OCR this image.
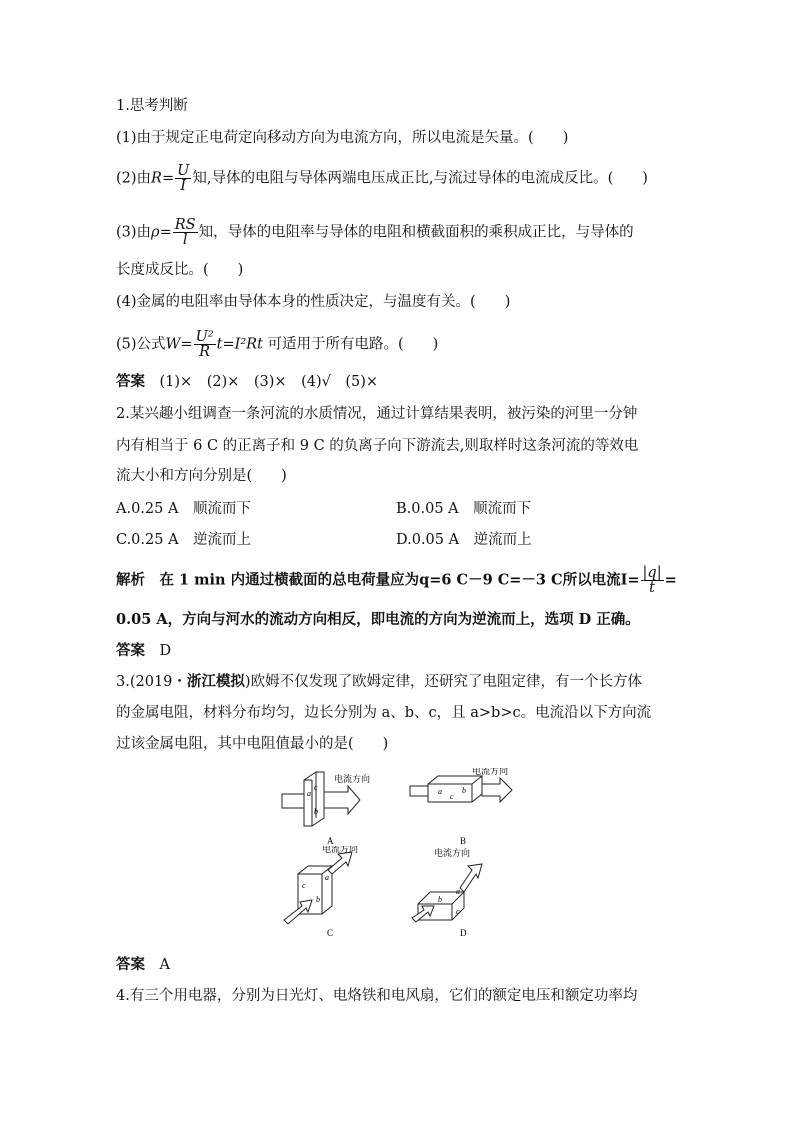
1.思考判断
(1)由于规定正电荷定向移动方向为电流方向，所以电流是矢量。(　　)
(2)由$R= \frac{U}{I}$ 知,导体的电阻与导体两端电压成正比,与流过导体的电流成反比。(　　)
(3)由$\rho= \frac{RS}{l}$ 知，导体的电阻率与导体的电阻和横截面积的乘积成正比，与导体的
长度成反比。(　　)
(4)金属的电阻率由导体本身的性质决定，与温度有关。(　　)
(5)公式$W= \frac{\text{U²}}{R} t=I^2Rt$ 可适用于所有电路。(　　)
答案　 (1)×　(2)×　(3)×　(4)√　(5)×
2.某兴趣小组调查一条河流的水质情况，通过计算结果表明，被污染的河里一分钟
内有相当于 6 C 的正离子和 9 C 的负离子向下游流去,则取样时这条河流的等效电
流大小和方向分别是(　　)
A.0.25 A　顺流而下	B.0.05 A　顺流而下
C.0.25 A　逆流而上	D.0.05 A　逆流而上
解析　 在 1 min 内通过横截面的总电荷量应为q=6 C－9 C=－3 C所以电流$I= \frac{|q|}{t}$ =
0.05 A，方向与河水的流动方向相反，即电流的方向为逆流而上，选项 D 正确。
答案　 D
3.(2019・浙江模拟)欧姆不仅发现了欧姆定律，还研究了电阻定律，有一个长方体
的金属电阻，材料分布均匀，边长分别为 a、b、c，且 a>b>c。电流沿以下方向流
过该金属电阻，其中电阻值最小的是(　　)
a
c
b
电流方向
A
a
c
b
电流方向
B
c
a
b
电流方向
C
b
a
c
电流方向
D
答案　 A
4.有三个用电器，分别为日光灯、电烙铁和电风扇，它们的额定电压和额定功率均
